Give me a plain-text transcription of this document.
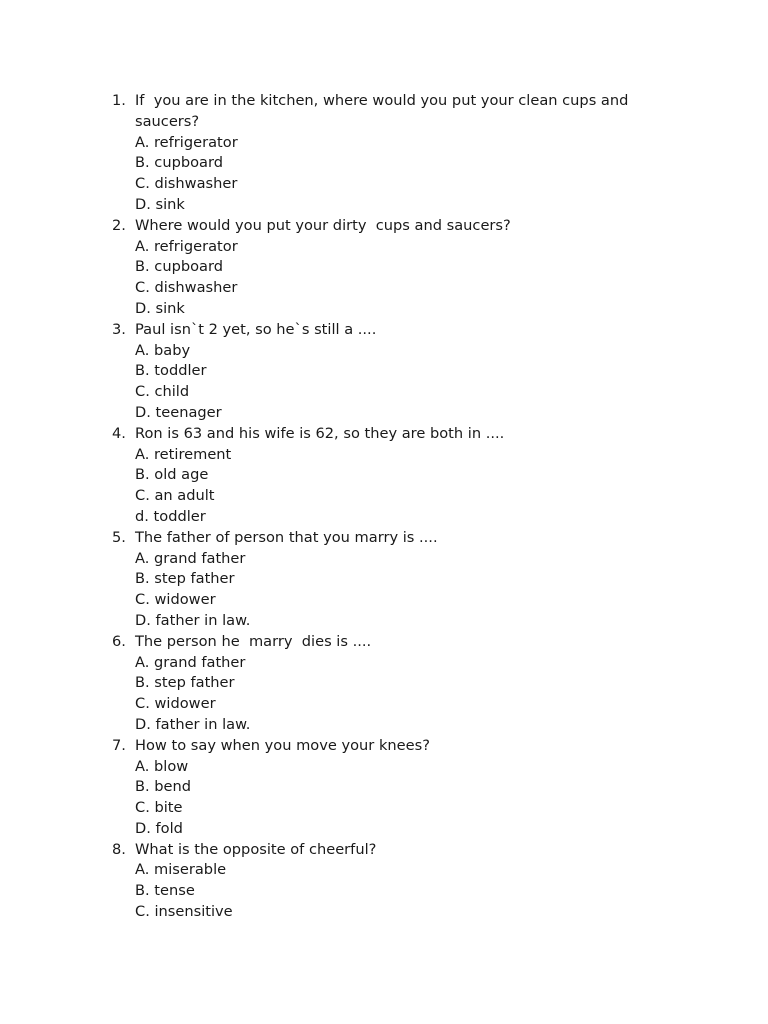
1. If  you are in the kitchen, where would you put your clean cups and saucers?
A. refrigerator
B. cupboard
C. dishwasher
D. sink
2. Where would you put your dirty  cups and saucers?
A. refrigerator
B. cupboard
C. dishwasher
D. sink
3. Paul isn`t 2 yet, so he`s still a ....
A. baby
B. toddler
C. child
D. teenager
4. Ron is 63 and his wife is 62, so they are both in ....
A. retirement
B. old age
C. an adult
d. toddler
5. The father of person that you marry is ....
A. grand father
B. step father
C. widower
D. father in law.
6. The person he  marry  dies is ....
A. grand father
B. step father
C. widower
D. father in law.
7. How to say when you move your knees?
A. blow
B. bend
C. bite
D. fold
8. What is the opposite of cheerful?
A. miserable
B. tense
C. insensitive
